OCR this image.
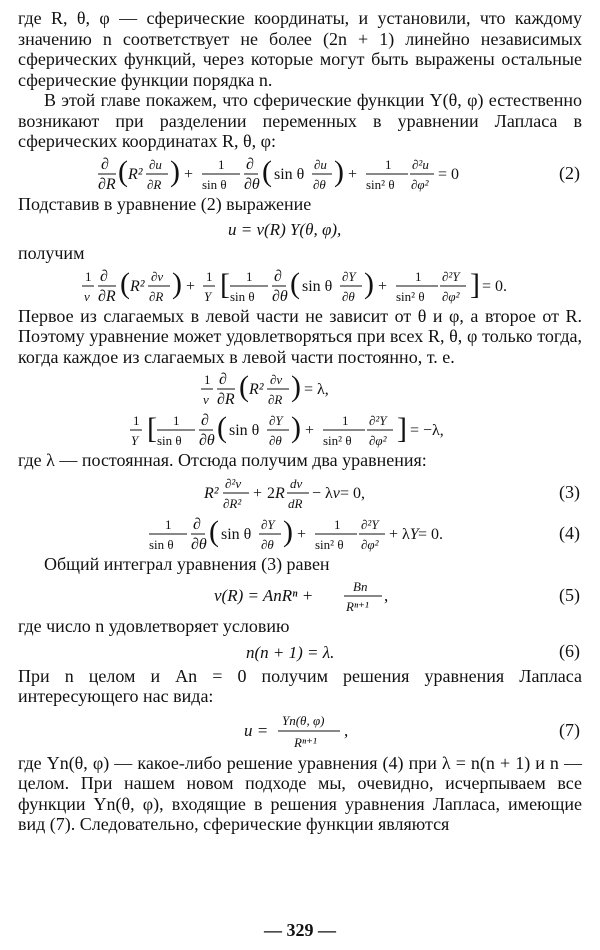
где R, θ, φ — сферические координаты, и установили, что каждому значению n соответствует не более (2n + 1) линейно независимых сферических функций, через которые могут быть выражены остальные сферические функции порядка n.

В этой главе покажем, что сферические функции Y(θ, φ) естественно возникают при разделении переменных в уравнении Лапласа в сферических координатах R, θ, φ:

∂
∂R ( R²
∂u
∂R ) +
1
sin θ
∂
∂θ ( sin θ
∂u
∂θ ) +
1
sin² θ
∂²u
∂φ²
= 0	(2)

Подставив в уравнение (2) выражение

u = v(R) Y(θ, φ),

получим

1
v
∂
∂R ( R²
∂v
∂R ) +
1
Y [ 1
sin θ
∂
∂θ ( sin θ
∂Y
∂θ ) +
1
sin² θ
∂²Y
∂φ² ] = 0.

Первое из слагаемых в левой части не зависит от θ и φ, а второе от R. Поэтому уравнение может удовлетворяться при всех R, θ, φ только тогда, когда каждое из слагаемых в левой части постоянно, т. е.

1
v
∂
∂R ( R²
∂v
∂R ) = λ,
1
Y [ 1
sin θ
∂
∂θ ( sin θ
∂Y
∂θ ) +
1
sin² θ
∂²Y
∂φ² ] = −λ,

где λ — постоянная. Отсюда получим два уравнения:

R²
∂²v
∂R²
+ 2R
dv
dR
− λv = 0,	(3)
1
sin θ
∂
∂θ ( sin θ
∂Y
∂θ ) +
1
sin² θ
∂²Y
∂φ²
+ λY = 0.	(4)

Общий интеграл уравнения (3) равен

v(R) = AnRⁿ +	Bn
Rⁿ⁺¹
,	(5)

где число n удовлетворяет условию

n(n + 1) = λ.	(6)

При n целом и An = 0 получим решения уравнения Лапласа интересующего нас вида:

u =
Yn(θ, φ)
Rⁿ⁺¹
,	(7)

где Yn(θ, φ) — какое-либо решение уравнения (4) при λ = n(n + 1) и n — целом. При нашем новом подходе мы, очевидно, исчерпываем все функции Yn(θ, φ), входящие в решения уравнения Лапласа, имеющие вид (7). Следовательно, сферические функции являются

— 329 —
